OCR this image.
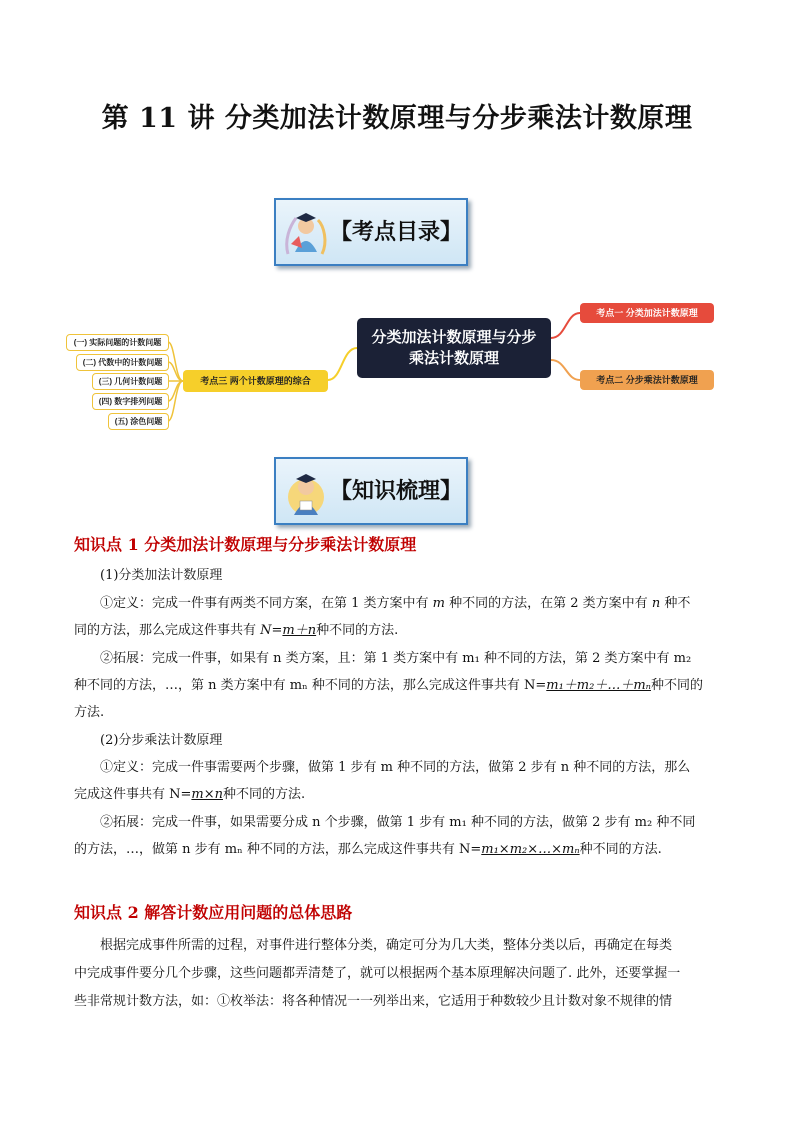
第 11 讲 分类加法计数原理与分步乘法计数原理
【考点目录】
分类加法计数原理与分步乘法计数原理
考点一 分类加法计数原理
考点二 分步乘法计数原理
考点三 两个计数原理的综合
(一) 实际问题的计数问题
(二) 代数中的计数问题
(三) 几何计数问题
(四) 数字排列问题
(五) 涂色问题
【知识梳理】
知识点 1 分类加法计数原理与分步乘法计数原理
(1)分类加法计数原理
①定义：完成一件事有两类不同方案，在第 1 类方案中有 m 种不同的方法，在第 2 类方案中有 n 种不
同的方法，那么完成这件事共有 N=m＋n种不同的方法.
②拓展：完成一件事，如果有 n 类方案，且：第 1 类方案中有 m₁ 种不同的方法，第 2 类方案中有 m₂
种不同的方法，…，第 n 类方案中有 mₙ 种不同的方法，那么完成这件事共有 N=m₁＋m₂＋…＋mₙ种不同的
方法.
(2)分步乘法计数原理
①定义：完成一件事需要两个步骤，做第 1 步有 m 种不同的方法，做第 2 步有 n 种不同的方法，那么
完成这件事共有 N=m×n种不同的方法.
②拓展：完成一件事，如果需要分成 n 个步骤，做第 1 步有 m₁ 种不同的方法，做第 2 步有 m₂ 种不同
的方法，…，做第 n 步有 mₙ 种不同的方法，那么完成这件事共有 N=m₁×m₂×…×mₙ种不同的方法.
知识点 2 解答计数应用问题的总体思路
根据完成事件所需的过程，对事件进行整体分类，确定可分为几大类，整体分类以后，再确定在每类
中完成事件要分几个步骤，这些问题都弄清楚了，就可以根据两个基本原理解决问题了. 此外，还要掌握一
些非常规计数方法，如：①枚举法：将各种情况一一列举出来，它适用于种数较少且计数对象不规律的情
